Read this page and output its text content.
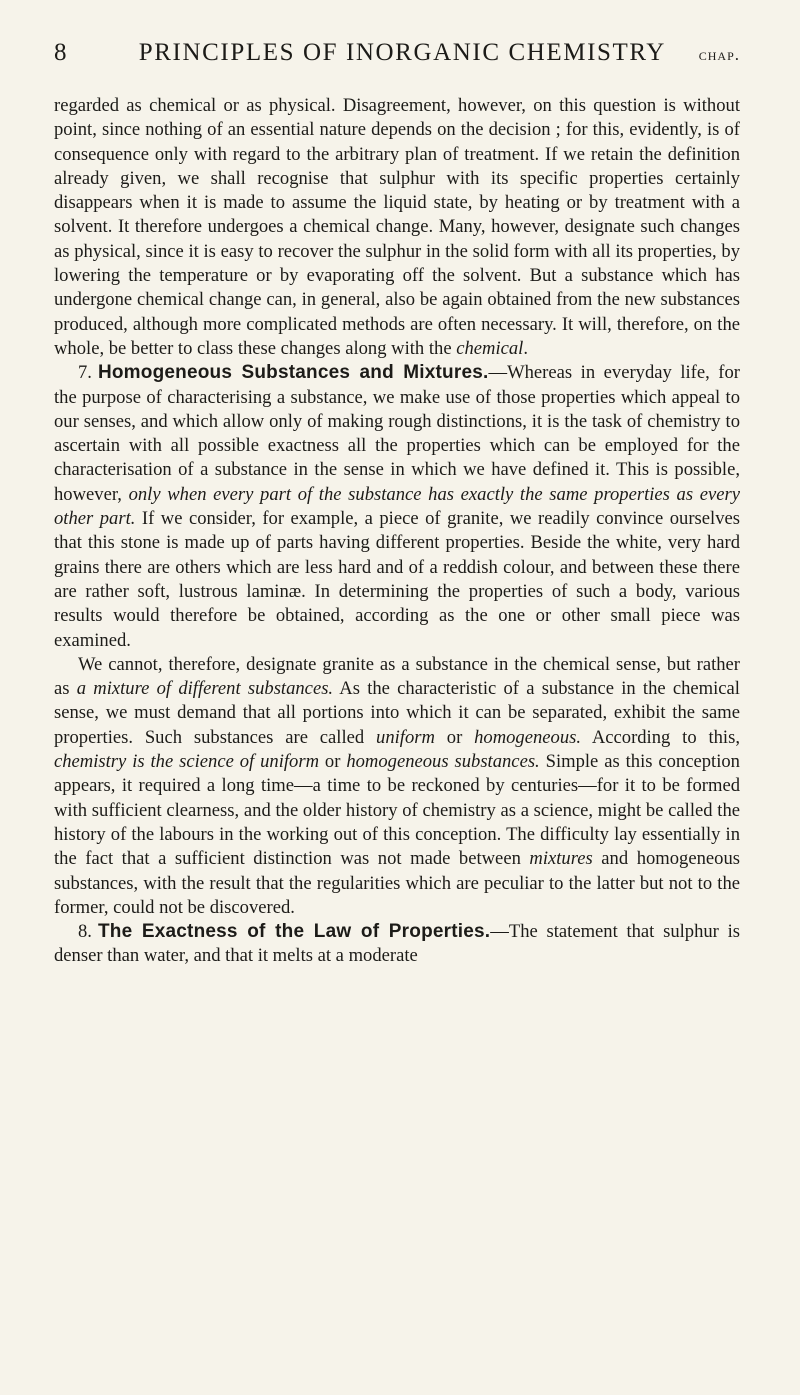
8	PRINCIPLES OF INORGANIC CHEMISTRY	chap.

regarded as chemical or as physical. Disagreement, however, on this question is without point, since nothing of an essential nature depends on the decision ; for this, evidently, is of consequence only with regard to the arbitrary plan of treatment. If we retain the definition already given, we shall recognise that sulphur with its specific properties certainly disappears when it is made to assume the liquid state, by heating or by treatment with a solvent. It therefore undergoes a chemical change. Many, however, designate such changes as physical, since it is easy to recover the sulphur in the solid form with all its properties, by lowering the temperature or by evaporating off the solvent. But a substance which has undergone chemical change can, in general, also be again obtained from the new substances produced, although more complicated methods are often necessary. It will, therefore, on the whole, be better to class these changes along with the chemical.

7. Homogeneous Substances and Mixtures.—Whereas in everyday life, for the purpose of characterising a substance, we make use of those properties which appeal to our senses, and which allow only of making rough distinctions, it is the task of chemistry to ascertain with all possible exactness all the properties which can be employed for the characterisation of a substance in the sense in which we have defined it. This is possible, however, only when every part of the substance has exactly the same properties as every other part. If we consider, for example, a piece of granite, we readily convince ourselves that this stone is made up of parts having different properties. Beside the white, very hard grains there are others which are less hard and of a reddish colour, and between these there are rather soft, lustrous laminæ. In determining the properties of such a body, various results would therefore be obtained, according as the one or other small piece was examined.

We cannot, therefore, designate granite as a substance in the chemical sense, but rather as a mixture of different substances. As the characteristic of a substance in the chemical sense, we must demand that all portions into which it can be separated, exhibit the same properties. Such substances are called uniform or homogeneous. According to this, chemistry is the science of uniform or homogeneous substances. Simple as this conception appears, it required a long time—a time to be reckoned by centuries—for it to be formed with sufficient clearness, and the older history of chemistry as a science, might be called the history of the labours in the working out of this conception. The difficulty lay essentially in the fact that a sufficient distinction was not made between mixtures and homogeneous substances, with the result that the regularities which are peculiar to the latter but not to the former, could not be discovered.

8. The Exactness of the Law of Properties.—The statement that sulphur is denser than water, and that it melts at a moderate
